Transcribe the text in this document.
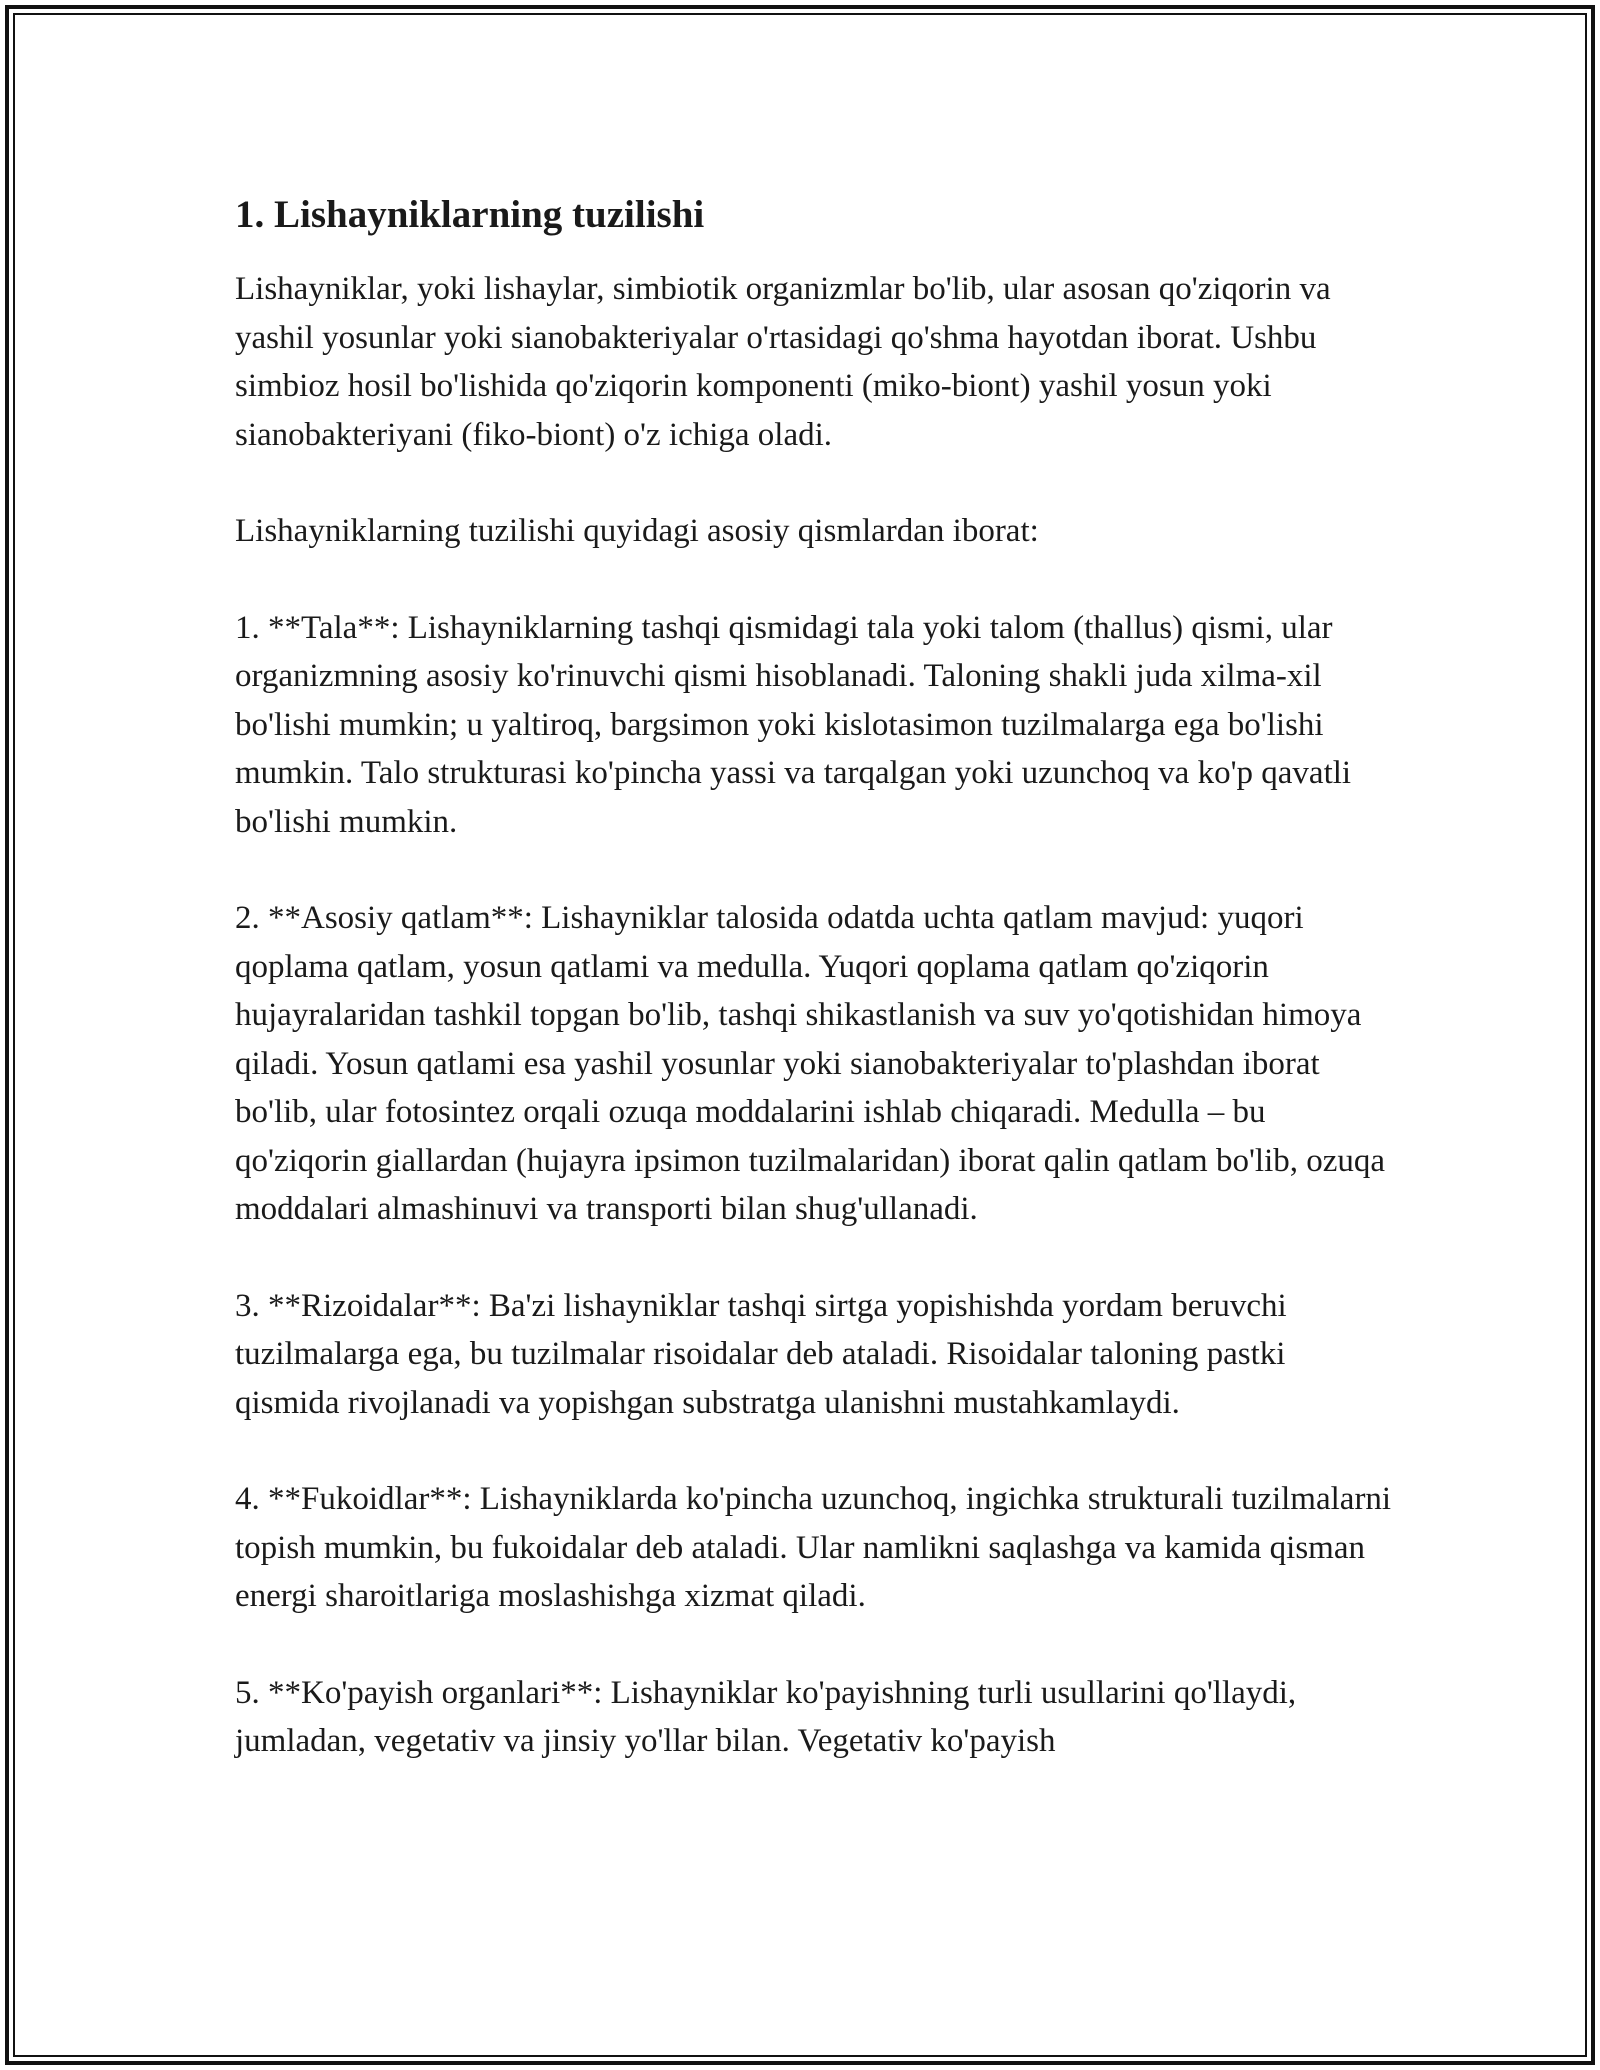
1. Lishayniklarning tuzilishi

Lishayniklar, yoki lishaylar, simbiotik organizmlar bo'lib, ular asosan qo'ziqorin va yashil yosunlar yoki sianobakteriyalar o'rtasidagi qo'shma hayotdan iborat. Ushbu simbioz hosil bo'lishida qo'ziqorin komponenti (miko-biont) yashil yosun yoki sianobakteriyani (fiko-biont) o'z ichiga oladi.

Lishayniklarning tuzilishi quyidagi asosiy qismlardan iborat:

1. **Tala**: Lishayniklarning tashqi qismidagi tala yoki talom (thallus) qismi, ular organizmning asosiy ko'rinuvchi qismi hisoblanadi. Taloning shakli juda xilma-xil bo'lishi mumkin; u yaltiroq, bargsimon yoki kislotasimon tuzilmalarga ega bo'lishi mumkin. Talo strukturasi ko'pincha yassi va tarqalgan yoki uzunchoq va ko'p qavatli bo'lishi mumkin.

2. **Asosiy qatlam**: Lishayniklar talosida odatda uchta qatlam mavjud: yuqori qoplama qatlam, yosun qatlami va medulla. Yuqori qoplama qatlam qo'ziqorin hujayralaridan tashkil topgan bo'lib, tashqi shikastlanish va suv yo'qotishidan himoya qiladi. Yosun qatlami esa yashil yosunlar yoki sianobakteriyalar to'plashdan iborat bo'lib, ular fotosintez orqali ozuqa moddalarini ishlab chiqaradi. Medulla – bu qo'ziqorin giallardan (hujayra ipsimon tuzilmalaridan) iborat qalin qatlam bo'lib, ozuqa moddalari almashinuvi va transporti bilan shug'ullanadi.

3. **Rizoidalar**: Ba'zi lishayniklar tashqi sirtga yopishishda yordam beruvchi tuzilmalarga ega, bu tuzilmalar risoidalar deb ataladi. Risoidalar taloning pastki qismida rivojlanadi va yopishgan substratga ulanishni mustahkamlaydi.

4. **Fukoidlar**: Lishayniklarda ko'pincha uzunchoq, ingichka strukturali tuzilmalarni topish mumkin, bu fukoidalar deb ataladi. Ular namlikni saqlashga va kamida qisman energi sharoitlariga moslashishga xizmat qiladi.

5. **Ko'payish organlari**: Lishayniklar ko'payishning turli usullarini qo'llaydi, jumladan, vegetativ va jinsiy yo'llar bilan. Vegetativ ko'payish
